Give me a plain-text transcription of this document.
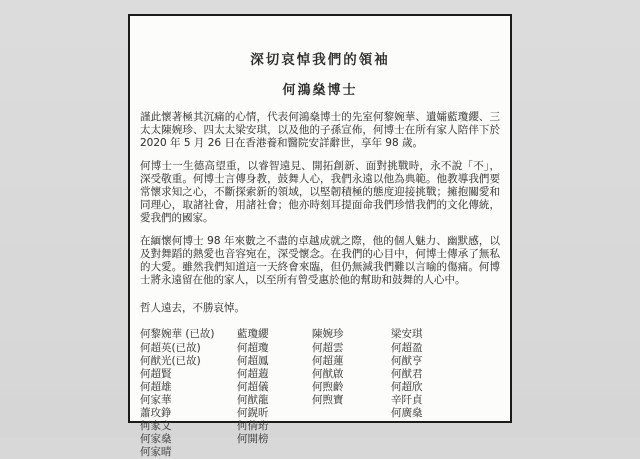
深切哀悼我們的領袖
何鴻燊博士

謹此懷著極其沉痛的心情，代表何鴻燊博士的先室何黎婉華、遺孀藍瓊纓、三太太陳婉珍、四太太梁安琪，以及他的子孫宣佈，何博士在所有家人陪伴下於 2020 年 5 月 26 日在香港養和醫院安詳辭世，享年 98 歲。

何博士一生德高望重，以睿智遠見、開拓創新、面對挑戰時，永不說「不」，深受敬重。何博士言傳身教，鼓舞人心，我們永遠以他為典範。他教導我們要常懷求知之心，不斷探索新的領域，以堅韌積極的態度迎接挑戰；擁抱關愛和同理心，取諸社會，用諸社會；他亦時刻耳提面命我們珍惜我們的文化傳統，愛我們的國家。

在緬懷何博士 98 年來數之不盡的卓越成就之際，他的個人魅力、幽默感，以及對舞蹈的熱愛也音容宛在，深受懷念。在我們的心目中，何博士傳承了無私的大愛。雖然我們知道這一天終會來臨，但仍無減我們難以言喻的傷痛。何博士將永遠留在他的家人，以至所有曾受惠於他的幫助和鼓舞的人心中。

哲人遠去，不勝哀悼。

何黎婉華 (已故)
何超英(已故)
何猷光(已故)
何超賢
何超雄
何家華
蕭玫錚
何家文
何家燊
何家晴
藍瓊纓
何超瓊
何超鳳
何超蕸
何超儀
何猷龍
何鎤昕
何倩珩
何開榜
陳婉珍
何超雲
何超蓮
何猷啟
何煦齡
何煦寶
梁安琪
何超盈
何猷亨
何猷君
何超欣
辛阡貞
何廣燊
